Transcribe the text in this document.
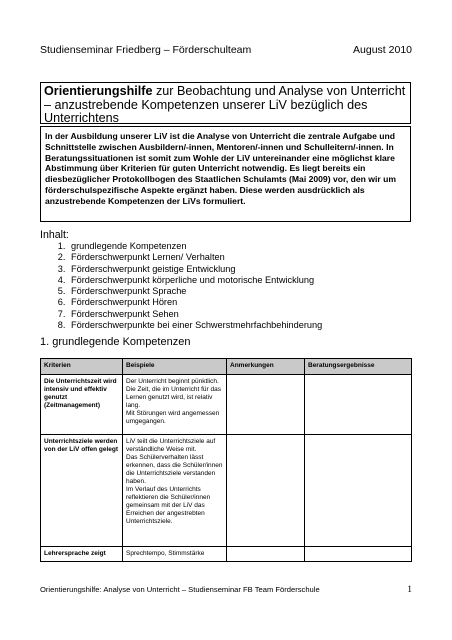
Studienseminar Friedberg – Förderschulteam	August 2010
Orientierungshilfe zur Beobachtung und Analyse von Unterricht – anzustrebende Kompetenzen unserer LiV bezüglich des Unterrichtens
In der Ausbildung unserer LiV ist die Analyse von Unterricht die zentrale Aufgabe und Schnittstelle zwischen Ausbildern/-innen, Mentoren/-innen und Schulleitern/-innen. In Beratungssituationen ist somit zum Wohle der LiV untereinander eine möglichst klare Abstimmung über Kriterien für guten Unterricht notwendig. Es liegt bereits ein diesbezüglicher Protokollbogen des Staatlichen Schulamts (Mai 2009) vor, den wir um förderschulspezifische Aspekte ergänzt haben. Diese werden ausdrücklich als anzustrebende Kompetenzen der LiVs formuliert.
Inhalt:
1. grundlegende Kompetenzen
2. Förderschwerpunkt Lernen/ Verhalten
3. Förderschwerpunkt geistige Entwicklung
4. Förderschwerpunkt körperliche und motorische Entwicklung
5. Förderschwerpunkt Sprache
6. Förderschwerpunkt Hören
7. Förderschwerpunkt Sehen
8. Förderschwerpunkte bei einer Schwerstmehrfachbehinderung
1. grundlegende Kompetenzen
Kriterien	Beispiele	Anmerkungen	Beratungsergebnisse
Die Unterrichtszeit wird intensiv und effektiv genutzt (Zeitmanagement)	Der Unterricht beginnt pünktlich.
Die Zeit, die im Unterricht für das Lernen genutzt wird, ist relativ lang.
Mit Störungen wird angemessen umgegangen.		
Unterrichtsziele werden von der LiV offen gelegt	LiV teilt die Unterrichtsziele auf verständliche Weise mit.
Das Schülerverhalten lässt erkennen, dass die Schüler/innen die Unterrichtsziele verstanden haben.
Im Verlauf des Unterrichts reflektieren die Schüler/innen gemeinsam mit der LiV das Erreichen der angestrebten Unterrichtsziele.		
Lehrersprache zeigt	Sprechtempo, Stimmstärke		
Orientierungshilfe: Analyse von Unterricht – Studienseminar FB Team Förderschule	1
